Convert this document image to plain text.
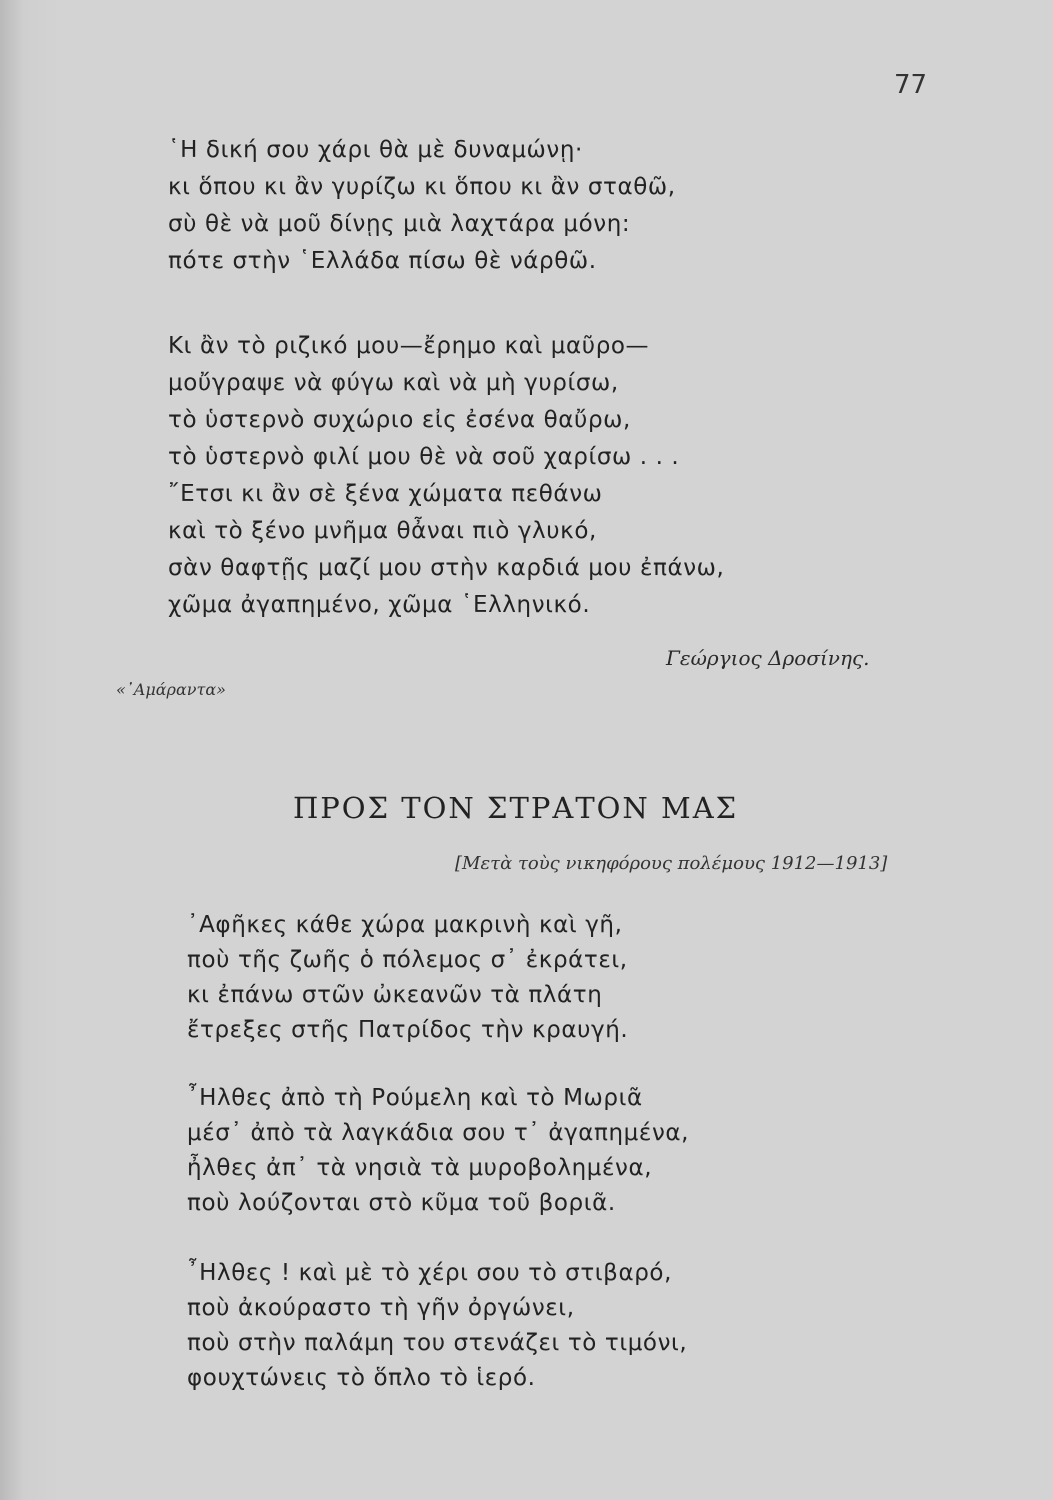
77
῾Η δική σου χάρι θὰ μὲ δυναμώνῃ·
κι ὅπου κι ἂν γυρίζω κι ὅπου κι ἂν σταθῶ,
σὺ θὲ νὰ μοῦ δίνῃς μιὰ λαχτάρα μόνη:
πότε στὴν ῾Ελλάδα πίσω θὲ νάρθῶ.
Κι ἂν τὸ ριζικό μου—ἔρημο καὶ μαῦρο—
μοὔγραψε νὰ φύγω καὶ νὰ μὴ γυρίσω,
τὸ ὑστερνὸ συχώριο εἰς ἐσένα θαὔρω,
τὸ ὑστερνὸ φιλί μου θὲ νὰ σοῦ χαρίσω . . .
῎Ετσι κι ἂν σὲ ξένα χώματα πεθάνω
καὶ τὸ ξένο μνῆμα θἆναι πιὸ γλυκό,
σὰν θαφτῇς μαζί μου στὴν καρδιά μου ἐπάνω,
χῶμα ἀγαπημένο, χῶμα ῾Ελληνικό.
Γεώργιος Δροσίνης.
«᾿Αμάραντα»
ΠΡΟΣ ΤΟΝ ΣΤΡΑΤΟΝ ΜΑΣ
[Μετὰ τοὺς νικηφόρους πολέμους 1912—1913]
᾿Αφῆκες κάθε χώρα μακρινὴ καὶ γῆ,
ποὺ τῆς ζωῆς ὁ πόλεμος σ᾿ ἐκράτει,
κι ἐπάνω στῶν ὠκεανῶν τὰ πλάτη
ἔτρεξες στῆς Πατρίδος τὴν κραυγή.
῏Ηλθες ἀπὸ τὴ Ρούμελη καὶ τὸ Μωριᾶ
μέσ᾿ ἀπὸ τὰ λαγκάδια σου τ᾿ ἀγαπημένα,
ἦλθες ἀπ᾿ τὰ νησιὰ τὰ μυροβολημένα,
ποὺ λούζονται στὸ κῦμα τοῦ βοριᾶ.
῏Ηλθες ! καὶ μὲ τὸ χέρι σου τὸ στιβαρό,
ποὺ ἀκούραστο τὴ γῆν ὀργώνει,
ποὺ στὴν παλάμη του στενάζει τὸ τιμόνι,
φουχτώνεις τὸ ὅπλο τὸ ἱερό.
